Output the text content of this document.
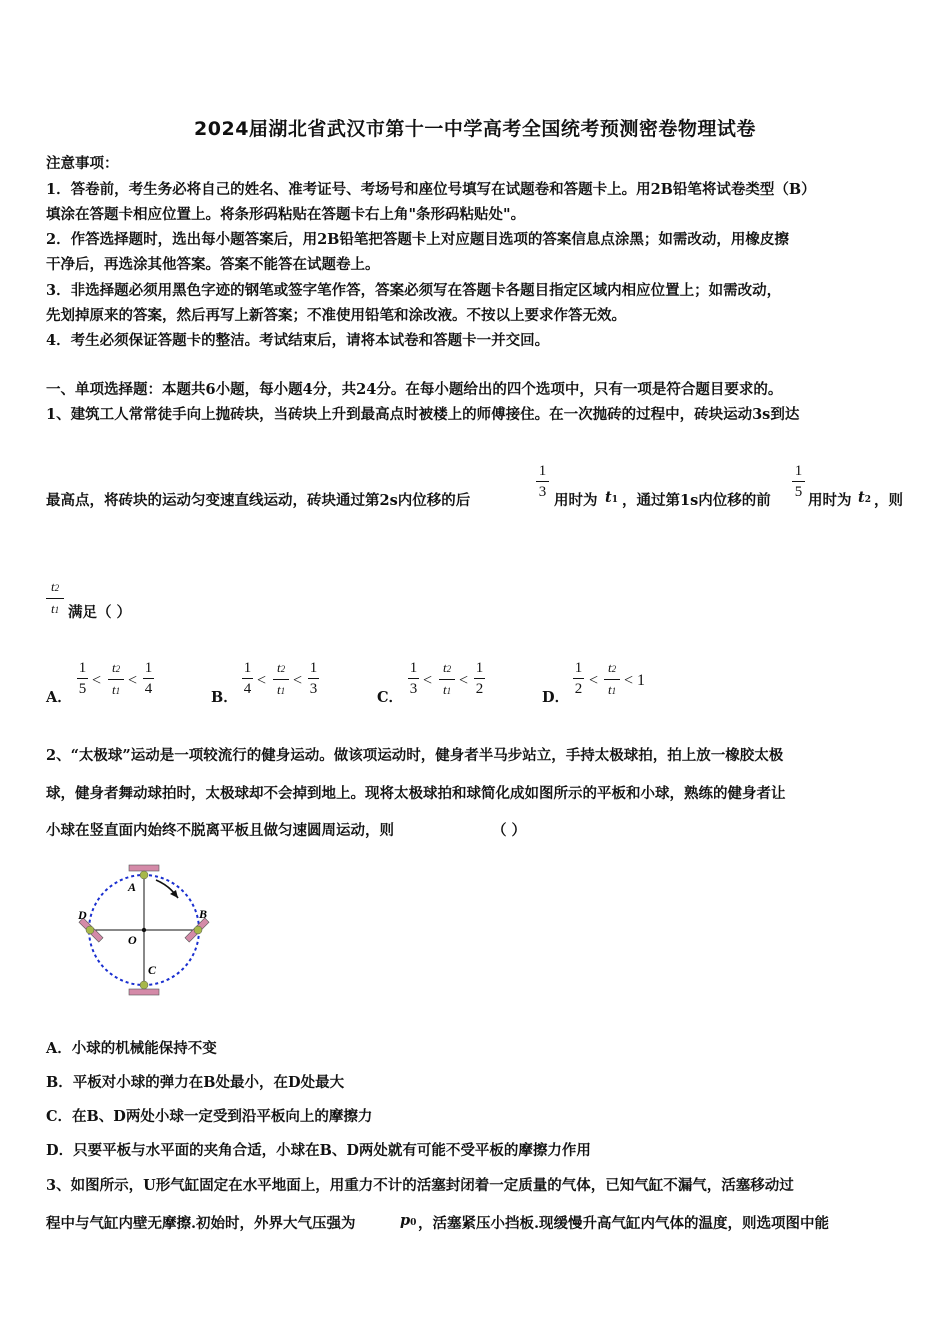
2024届湖北省武汉市第十一中学高考全国统考预测密卷物理试卷
注意事项：
1．答卷前，考生务必将自己的姓名、准考证号、考场号和座位号填写在试题卷和答题卡上。用2B铅笔将试卷类型（B）
填涂在答题卡相应位置上。将条形码粘贴在答题卡右上角"条形码粘贴处"。
2．作答选择题时，选出每小题答案后，用2B铅笔把答题卡上对应题目选项的答案信息点涂黑；如需改动，用橡皮擦
干净后，再选涂其他答案。答案不能答在试题卷上。
3．非选择题必须用黑色字迹的钢笔或签字笔作答，答案必须写在答题卡各题目指定区域内相应位置上；如需改动，
先划掉原来的答案，然后再写上新答案；不准使用铅笔和涂改液。不按以上要求作答无效。
4．考生必须保证答题卡的整洁。考试结束后，请将本试卷和答题卡一并交回。
一、单项选择题：本题共6小题，每小题4分，共24分。在每小题给出的四个选项中，只有一项是符合题目要求的。
1、建筑工人常常徒手向上抛砖块，当砖块上升到最高点时被楼上的师傅接住。在一次抛砖的过程中，砖块运动3s到达
最高点，将砖块的运动匀变速直线运动，砖块通过第2s内位移的后
1
3 用时为 t1 ，通过第1s内位移的前
1
5 用时为 t2 ，则
t2
t1 满足（ ）
A．
1
5 <
t2
t1
<
1
4	B．
1
4 <
t2
t1
<
1
3	C．
1
3 <
t2
t1
<
1
2	D．
1
2 <
t2
t1
< 1
2、“太极球”运动是一项较流行的健身运动。做该项运动时，健身者半马步站立，手持太极球拍，拍上放一橡胶太极
球，健身者舞动球拍时，太极球却不会掉到地上。现将太极球拍和球简化成如图所示的平板和小球，熟练的健身者让
小球在竖直面内始终不脱离平板且做匀速圆周运动，则	（ ）
A
B
C
D
O
A．小球的机械能保持不变
B．平板对小球的弹力在B处最小，在D处最大
C．在B、D两处小球一定受到沿平板向上的摩擦力
D．只要平板与水平面的夹角合适，小球在B、D两处就有可能不受平板的摩擦力作用
3、如图所示，U形气缸固定在水平地面上，用重力不计的活塞封闭着一定质量的气体，已知气缸不漏气，活塞移动过
程中与气缸内壁无摩擦.初始时，外界大气压强为	p0 ，活塞紧压小挡板.现缓慢升高气缸内气体的温度，则选项图中能
